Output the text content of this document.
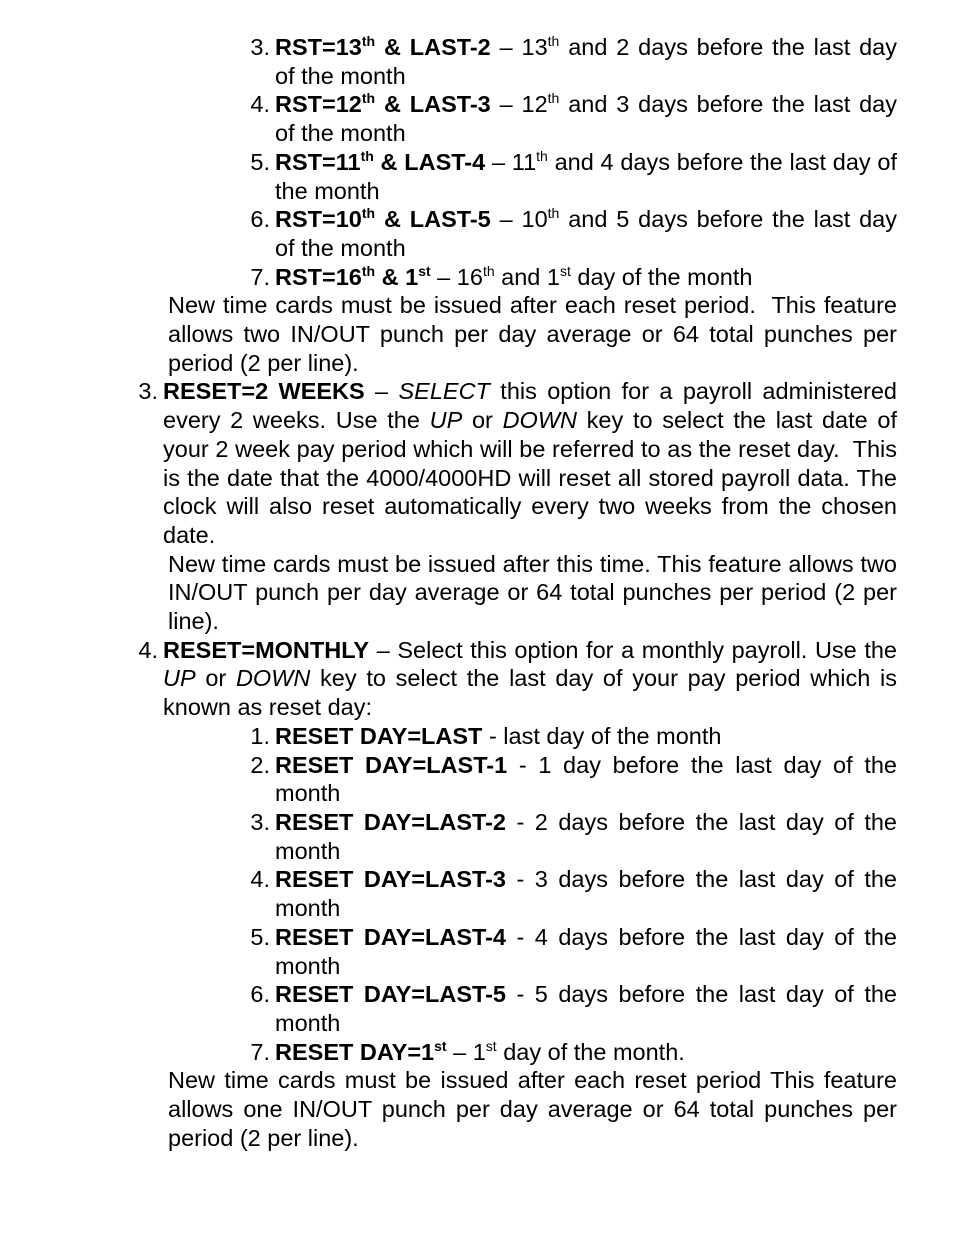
3. RST=13th & LAST-2 – 13th and 2 days before the last day of the month
4. RST=12th & LAST-3 – 12th and 3 days before the last day of the month
5. RST=11th & LAST-4 – 11th and 4 days before the last day of the month
6. RST=10th & LAST-5 – 10th and 5 days before the last day of the month
7. RST=16th & 1st – 16th and 1st day of the month
New time cards must be issued after each reset period.  This feature allows two IN/OUT punch per day average or 64 total punches per period (2 per line).
3. RESET=2 WEEKS – SELECT this option for a payroll administered every 2 weeks. Use the UP or DOWN key to select the last date of your 2 week pay period which will be referred to as the reset day.  This is the date that the 4000/4000HD will reset all stored payroll data. The clock will also reset automatically every two weeks from the chosen date.
New time cards must be issued after this time. This feature allows two IN/OUT punch per day average or 64 total punches per period (2 per line).
4. RESET=MONTHLY – Select this option for a monthly payroll. Use the UP or DOWN key to select the last day of your pay period which is known as reset day:
1. RESET DAY=LAST - last day of the month
2. RESET DAY=LAST-1 - 1 day before the last day of the month
3. RESET DAY=LAST-2 - 2 days before the last day of the month
4. RESET DAY=LAST-3 - 3 days before the last day of the month
5. RESET DAY=LAST-4 - 4 days before the last day of the month
6. RESET DAY=LAST-5 - 5 days before the last day of the month
7. RESET DAY=1st – 1st day of the month.
New time cards must be issued after each reset period This feature allows one IN/OUT punch per day average or 64 total punches per period (2 per line).
